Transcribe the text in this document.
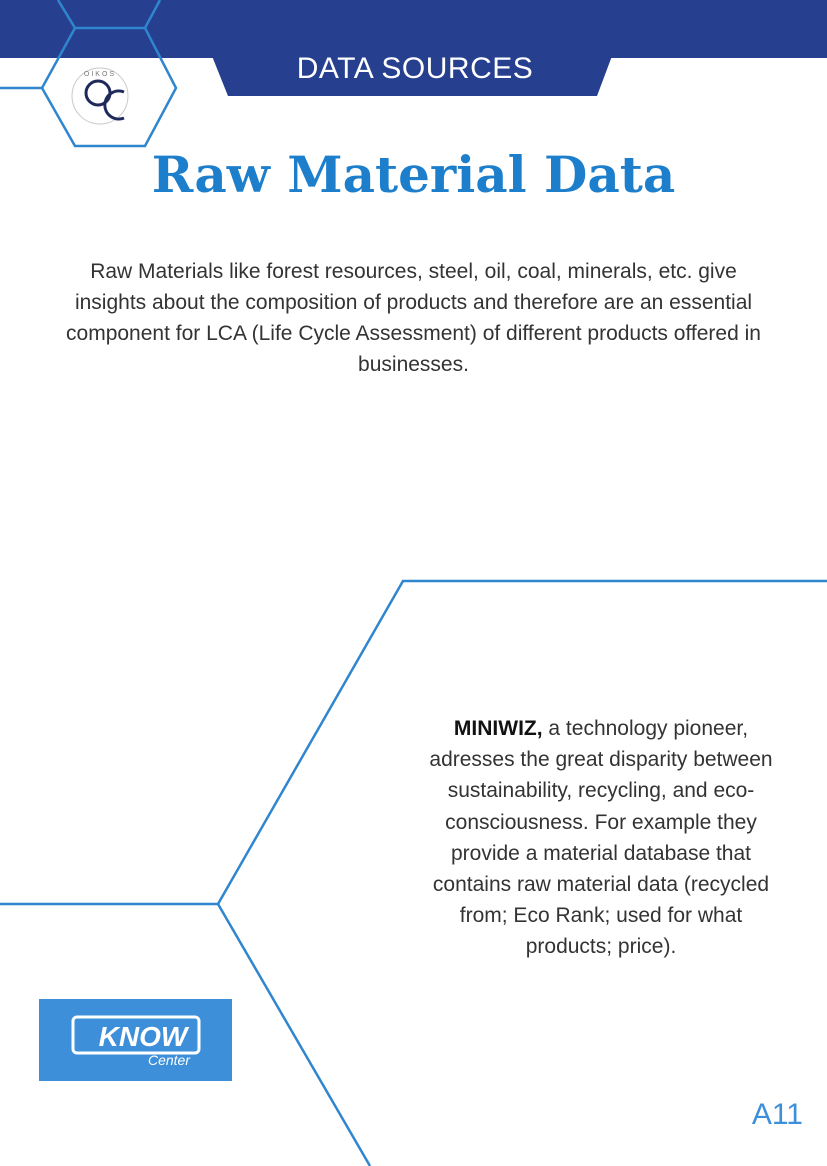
DATA SOURCES
OIKOS
Raw Material Data
Raw Materials like forest resources, steel, oil, coal, minerals, etc. give insights about the composition of products and therefore are an essential component for LCA (Life Cycle Assessment) of different products offered in businesses.
MINIWIZ, a technology pioneer, adresses the great disparity between sustainability, recycling, and eco-consciousness. For example they provide a material database that contains raw material data (recycled from; Eco Rank; used for what products; price).
KNOW
Center
A11
